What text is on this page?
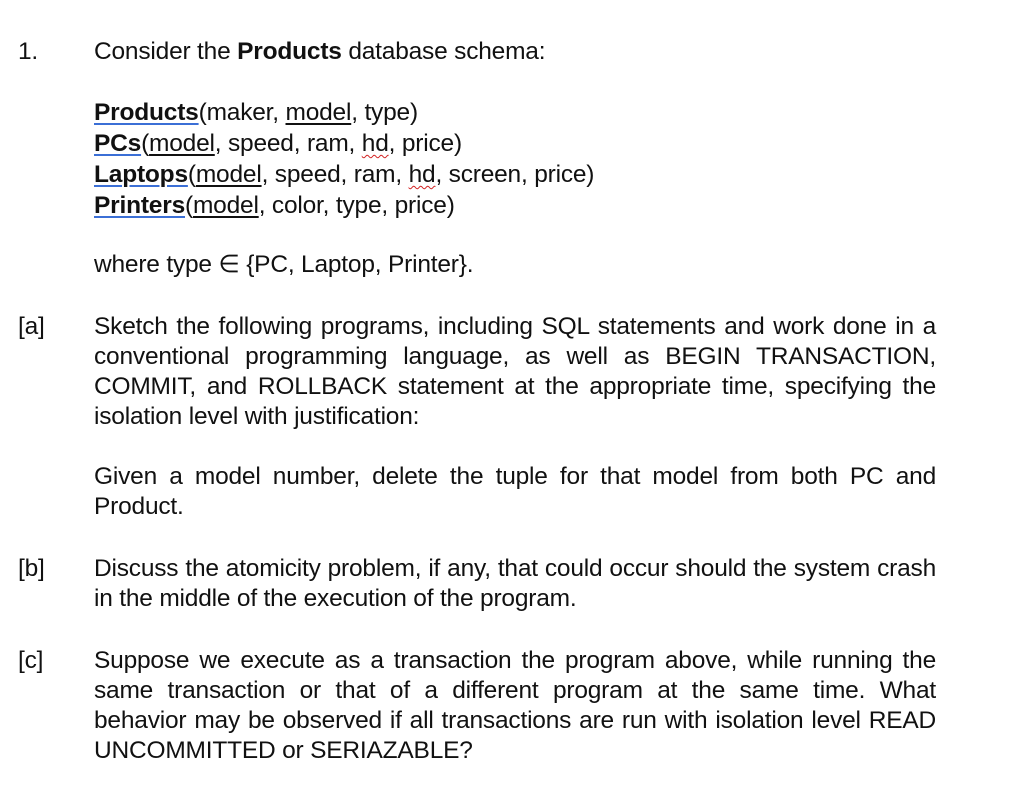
1. Consider the Products database schema:
Products(maker, model, type)
PCs(model, speed, ram, hd, price)
Laptops(model, speed, ram, hd, screen, price)
Printers(model, color, type, price)
where type ∈ {PC, Laptop, Printer}.
[a] Sketch the following programs, including SQL statements and work done in a conventional programming language, as well as BEGIN TRANSACTION, COMMIT, and ROLLBACK statement at the appropriate time, specifying the isolation level with justification:
Given a model number, delete the tuple for that model from both PC and Product.
[b] Discuss the atomicity problem, if any, that could occur should the system crash in the middle of the execution of the program.
[c] Suppose we execute as a transaction the program above, while running the same transaction or that of a different program at the same time. What behavior may be observed if all transactions are run with isolation level READ UNCOMMITTED or SERIAZABLE?
